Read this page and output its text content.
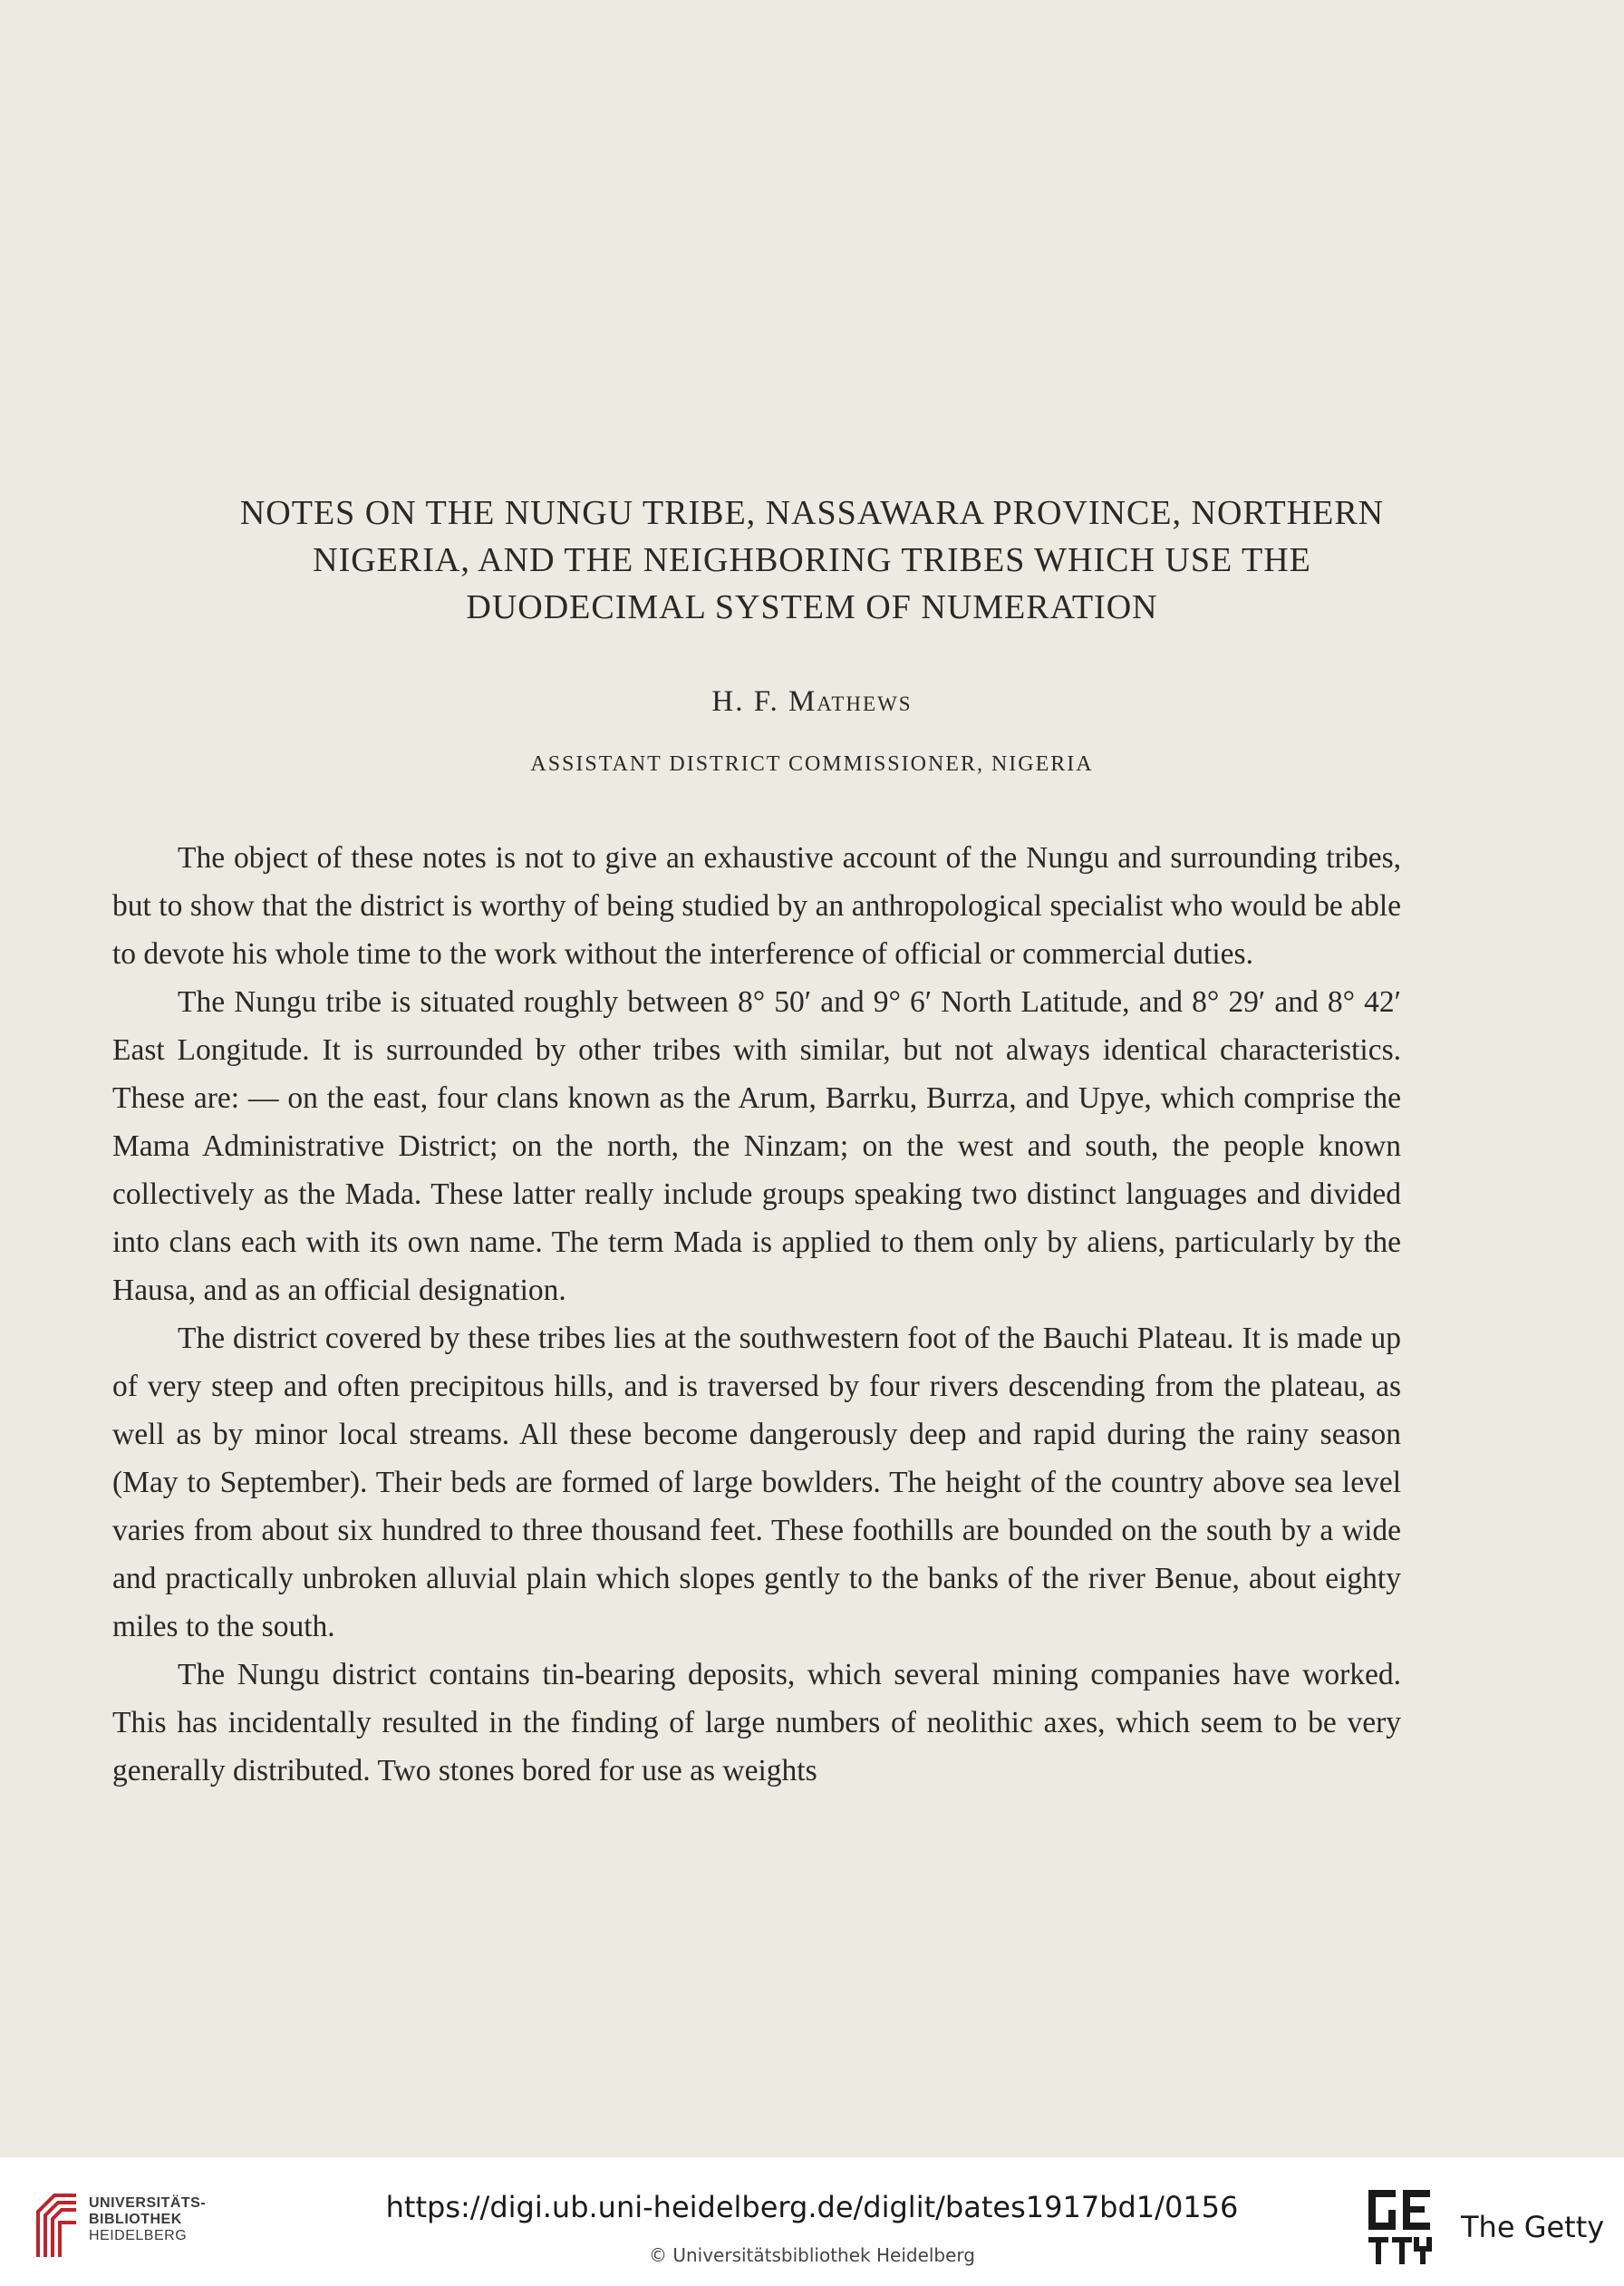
NOTES ON THE NUNGU TRIBE, NASSAWARA PROVINCE, NORTHERN
NIGERIA, AND THE NEIGHBORING TRIBES WHICH USE THE
DUODECIMAL SYSTEM OF NUMERATION

H. F. Mathews

ASSISTANT DISTRICT COMMISSIONER, NIGERIA

The object of these notes is not to give an exhaustive account of the Nungu and surrounding tribes, but to show that the district is worthy of being studied by an anthropological specialist who would be able to devote his whole time to the work without the interference of official or commercial duties.

The Nungu tribe is situated roughly between 8° 50′ and 9° 6′ North Latitude, and 8° 29′ and 8° 42′ East Longitude. It is surrounded by other tribes with similar, but not always identical characteristics. These are: — on the east, four clans known as the Arum, Barrku, Burrza, and Upye, which comprise the Mama Administrative District; on the north, the Ninzam; on the west and south, the people known collectively as the Mada. These latter really include groups speaking two distinct languages and divided into clans each with its own name. The term Mada is applied to them only by aliens, particularly by the Hausa, and as an official designation.

The district covered by these tribes lies at the southwestern foot of the Bauchi Plateau. It is made up of very steep and often precipitous hills, and is traversed by four rivers descending from the plateau, as well as by minor local streams. All these become dangerously deep and rapid during the rainy season (May to September). Their beds are formed of large bowlders. The height of the country above sea level varies from about six hundred to three thousand feet. These foothills are bounded on the south by a wide and practically unbroken alluvial plain which slopes gently to the banks of the river Benue, about eighty miles to the south.

The Nungu district contains tin-bearing deposits, which several mining companies have worked. This has incidentally resulted in the finding of large numbers of neolithic axes, which seem to be very generally distributed. Two stones bored for use as weights

UNIVERSITÄTS-
BIBLIOTHEK
HEIDELBERG
https://digi.ub.uni-heidelberg.de/diglit/bates1917bd1/0156
© Universitätsbibliothek Heidelberg
The Getty
